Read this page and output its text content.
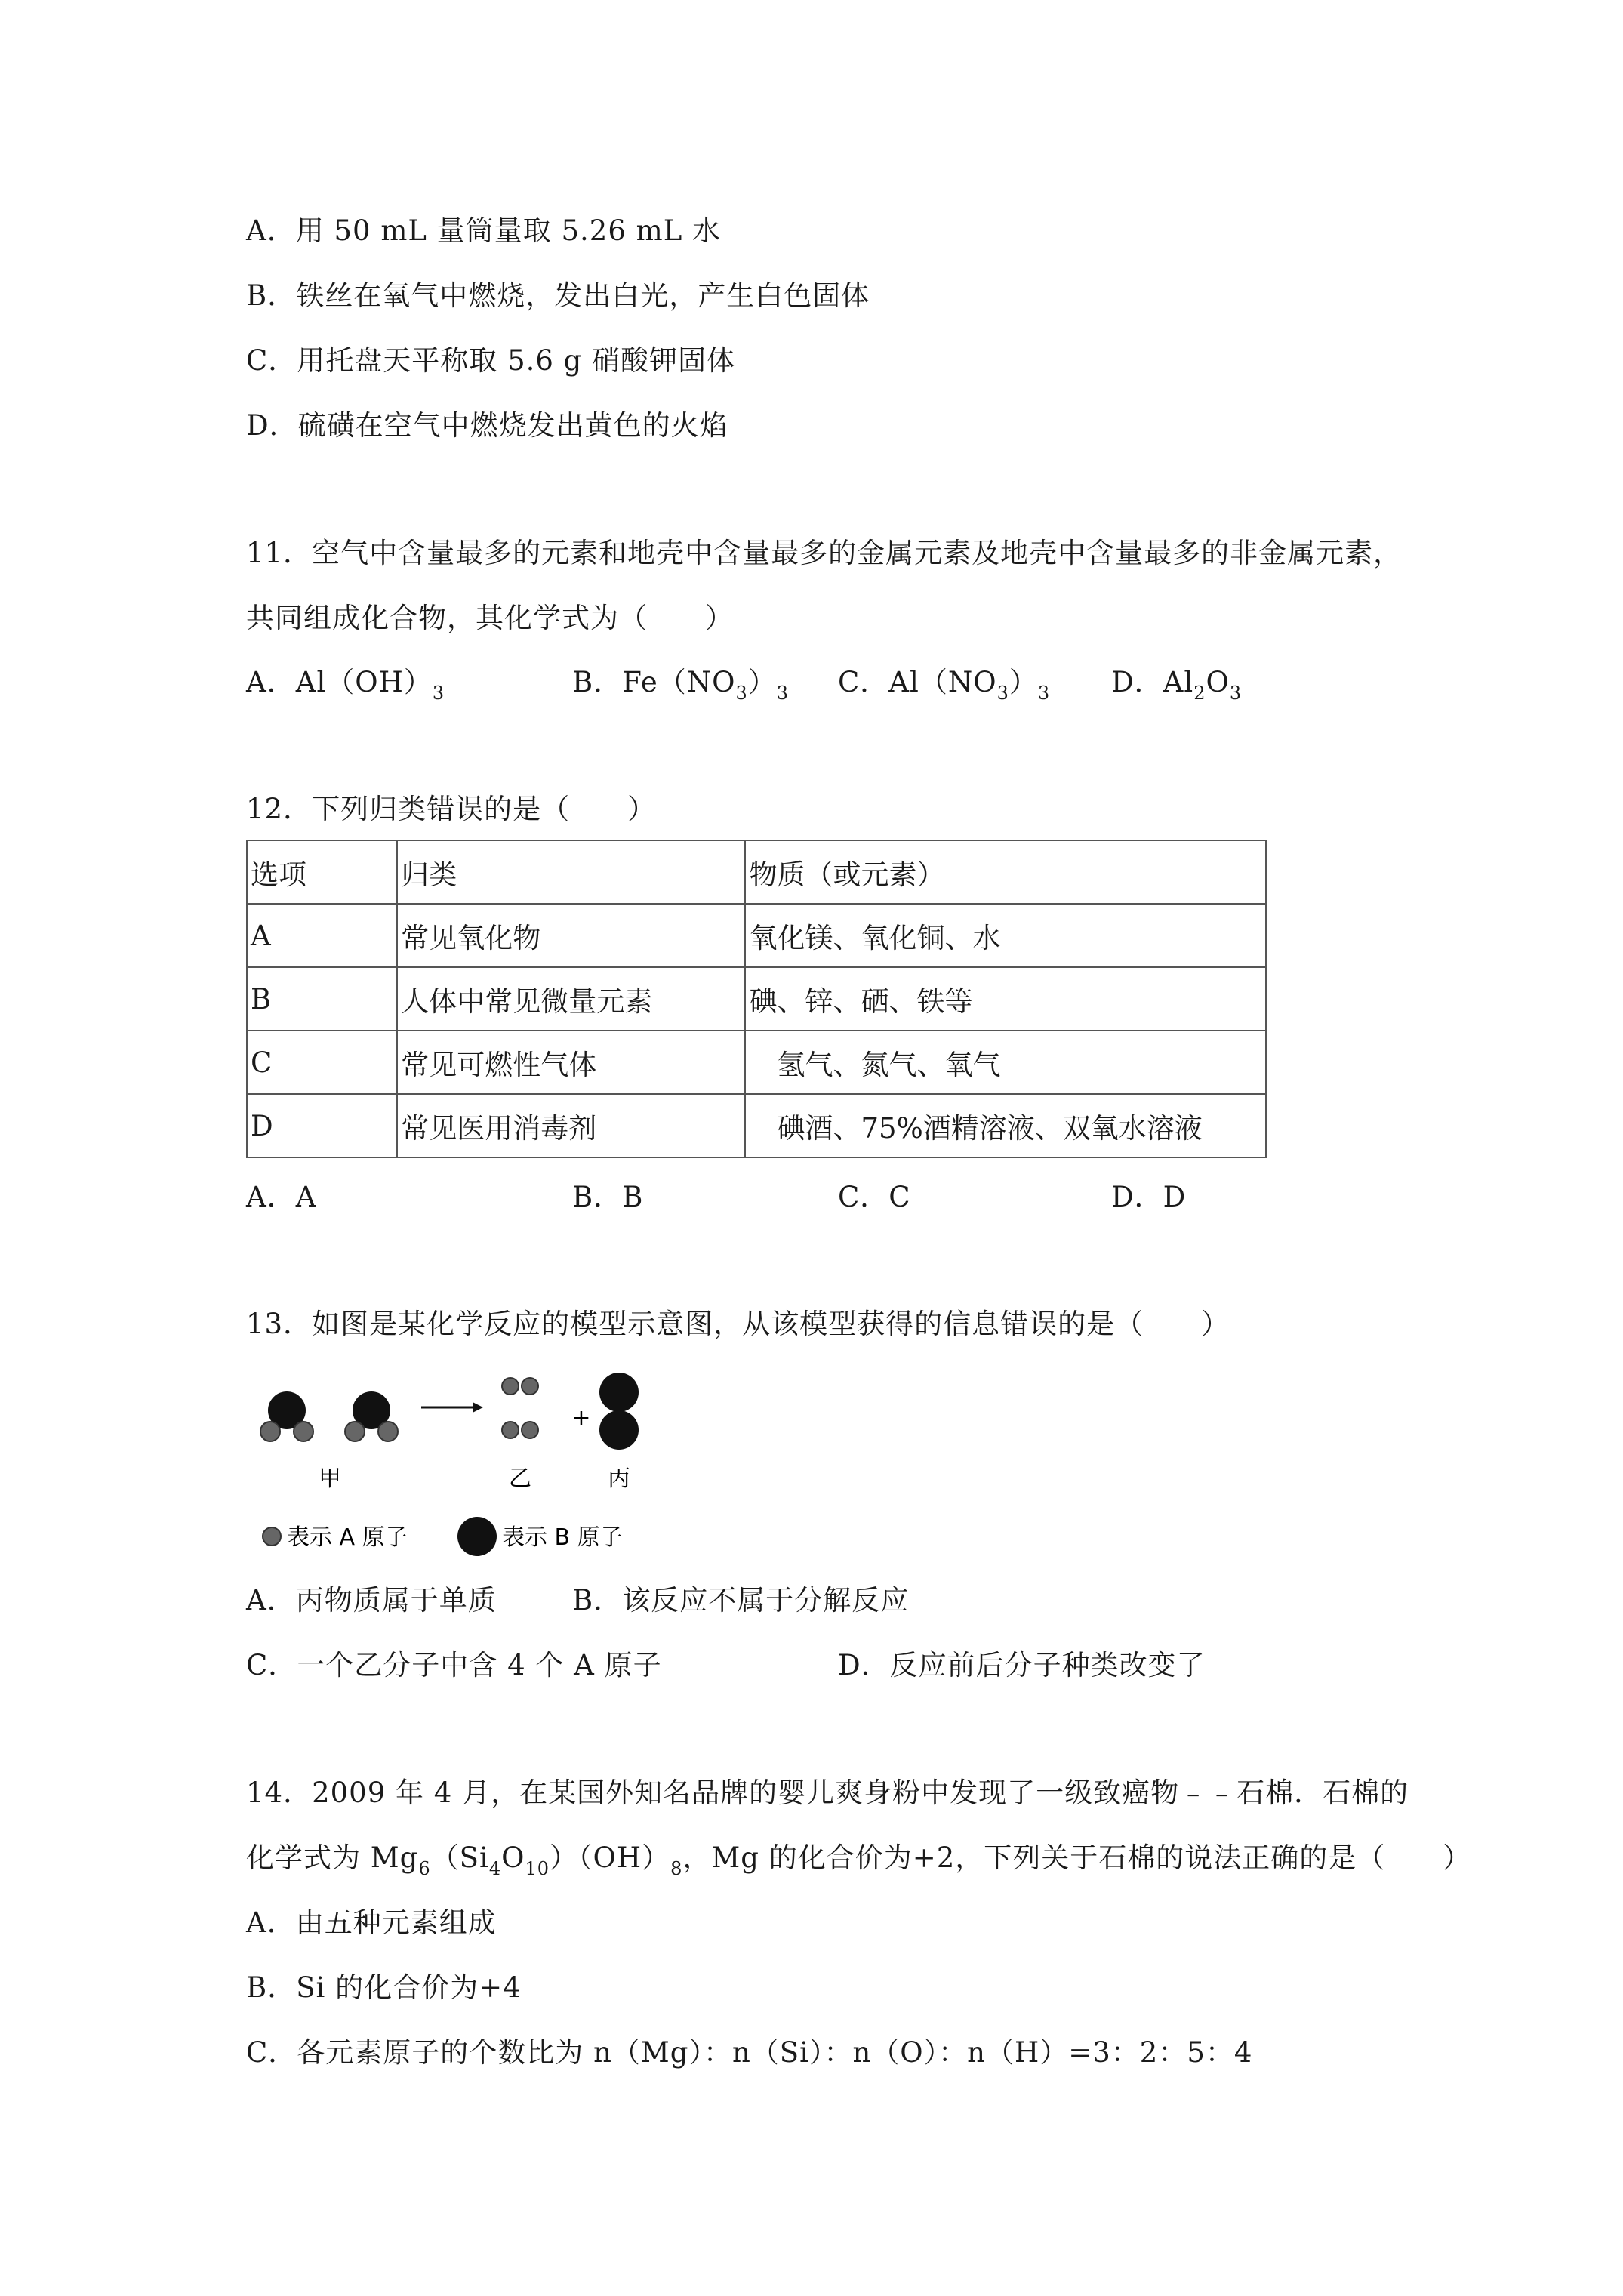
A．用 50 mL 量筒量取 5.26 mL 水
B．铁丝在氧气中燃烧，发出白光，产生白色固体
C．用托盘天平称取 5.6 g 硝酸钾固体
D．硫磺在空气中燃烧发出黄色的火焰
11．空气中含量最多的元素和地壳中含量最多的金属元素及地壳中含量最多的非金属元素，
共同组成化合物，其化学式为（　　）
A．$Al(OH)_3$	B．$Fe(NO_3)_3$ C．$Al(NO_3)_3$ D．$Al_2O_3$
12．下列归类错误的是（　　）
选项	归类	物质（或元素）
A	常见氧化物	氧化镁、氧化铜、水
B	人体中常见微量元素	碘、锌、硒、铁等
C	常见可燃性气体	　氢气、氮气、氧气
D	常见医用消毒剂	　碘酒、75%酒精溶液、双氧水溶液
A．A	B．B	C．C	D．D
13．如图是某化学反应的模型示意图，从该模型获得的信息错误的是（　　）
+
甲	乙	丙
表示 A 原子	表示 B 原子
A．丙物质属于单质	B．该反应不属于分解反应
C．一个乙分子中含 4 个 A 原子	D．反应前后分子种类改变了
14．2009 年 4 月，在某国外知名品牌的婴儿爽身粉中发现了一级致癌物﹣﹣石棉．石棉的
化学式为 $Mg_6(Si_4O_{10})(OH)_8$，Mg 的化合价为+2，下列关于石棉的说法正确的是（　　）
A．由五种元素组成
B．Si 的化合价为+4
C．各元素原子的个数比为 n（Mg）：n（Si）：n（O）：n（H）=3：2：5：4
